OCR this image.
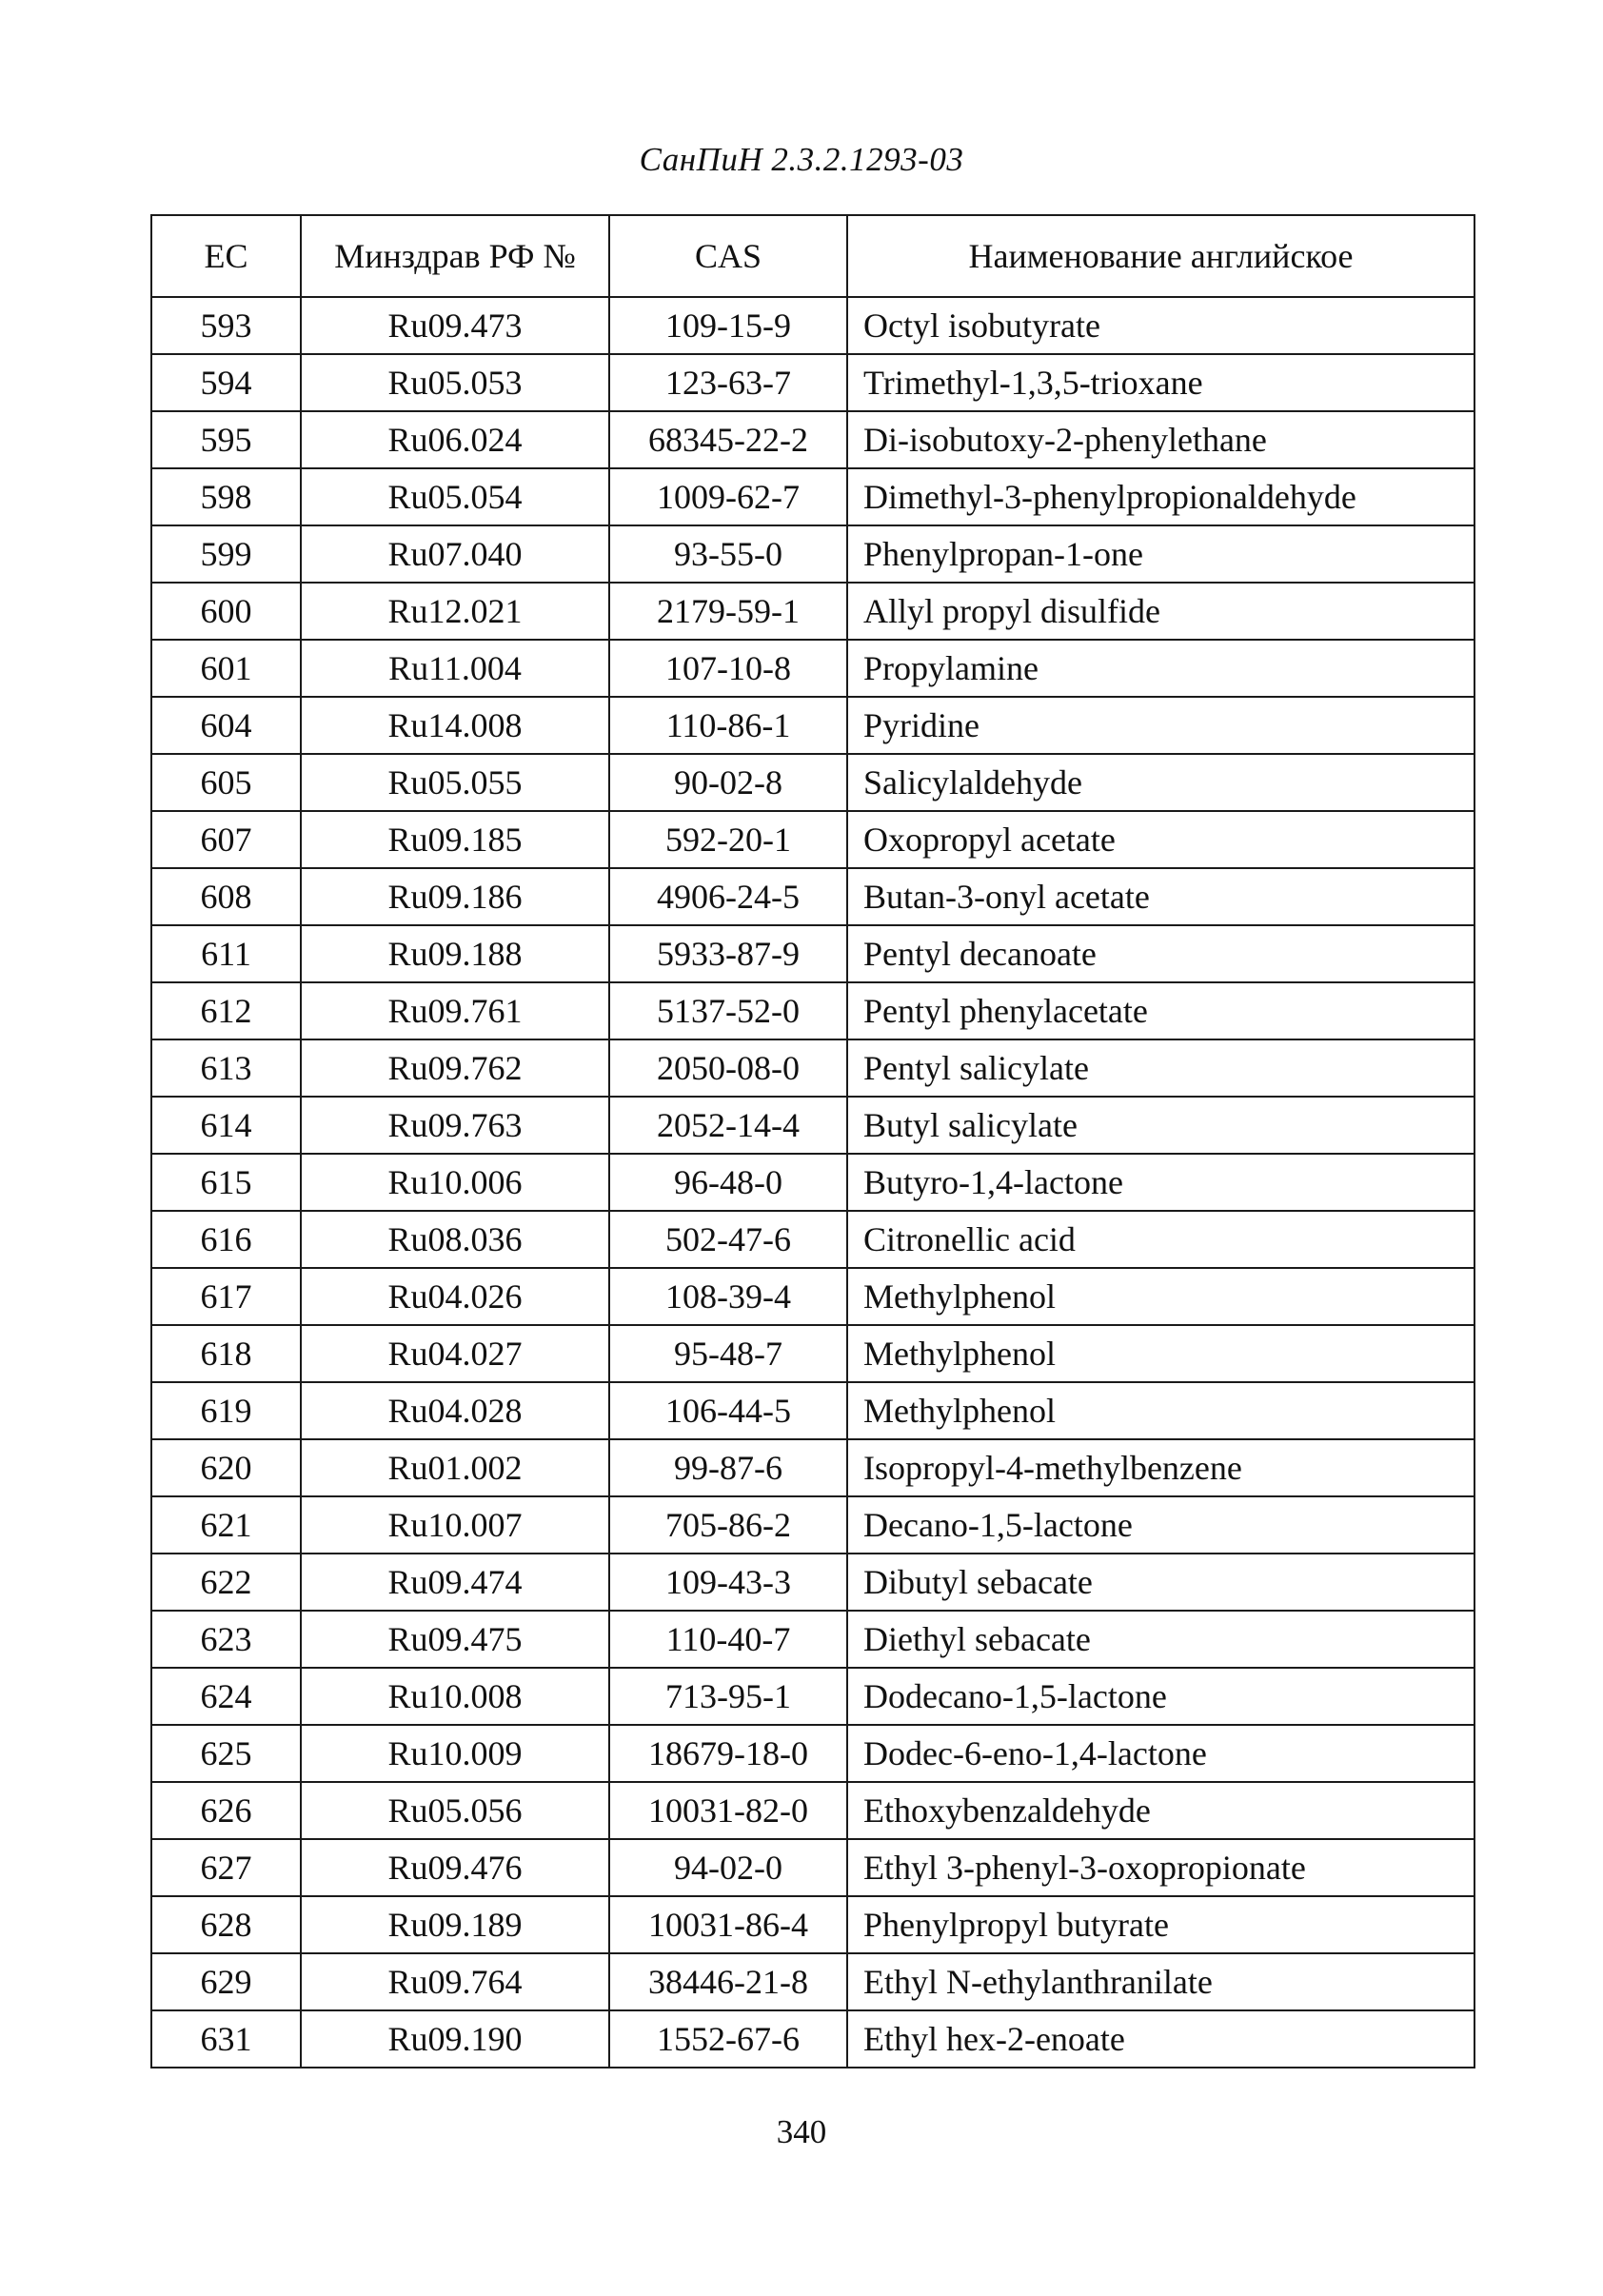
СанПиН 2.3.2.1293-03
ЕС	Минздрав РФ №	CAS	Наименование английское
593	Ru09.473	109-15-9	Octyl isobutyrate
594	Ru05.053	123-63-7	Trimethyl-1,3,5-trioxane
595	Ru06.024	68345-22-2	Di-isobutoxy-2-phenylethane
598	Ru05.054	1009-62-7	Dimethyl-3-phenylpropionaldehyde
599	Ru07.040	93-55-0	Phenylpropan-1-one
600	Ru12.021	2179-59-1	Allyl propyl disulfide
601	Ru11.004	107-10-8	Propylamine
604	Ru14.008	110-86-1	Pyridine
605	Ru05.055	90-02-8	Salicylaldehyde
607	Ru09.185	592-20-1	Oxopropyl acetate
608	Ru09.186	4906-24-5	Butan-3-onyl acetate
611	Ru09.188	5933-87-9	Pentyl decanoate
612	Ru09.761	5137-52-0	Pentyl phenylacetate
613	Ru09.762	2050-08-0	Pentyl salicylate
614	Ru09.763	2052-14-4	Butyl salicylate
615	Ru10.006	96-48-0	Butyro-1,4-lactone
616	Ru08.036	502-47-6	Citronellic acid
617	Ru04.026	108-39-4	Methylphenol
618	Ru04.027	95-48-7	Methylphenol
619	Ru04.028	106-44-5	Methylphenol
620	Ru01.002	99-87-6	Isopropyl-4-methylbenzene
621	Ru10.007	705-86-2	Decano-1,5-lactone
622	Ru09.474	109-43-3	Dibutyl sebacate
623	Ru09.475	110-40-7	Diethyl sebacate
624	Ru10.008	713-95-1	Dodecano-1,5-lactone
625	Ru10.009	18679-18-0	Dodec-6-eno-1,4-lactone
626	Ru05.056	10031-82-0	Ethoxybenzaldehyde
627	Ru09.476	94-02-0	Ethyl 3-phenyl-3-oxopropionate
628	Ru09.189	10031-86-4	Phenylpropyl butyrate
629	Ru09.764	38446-21-8	Ethyl N-ethylanthranilate
631	Ru09.190	1552-67-6	Ethyl hex-2-enoate
340
